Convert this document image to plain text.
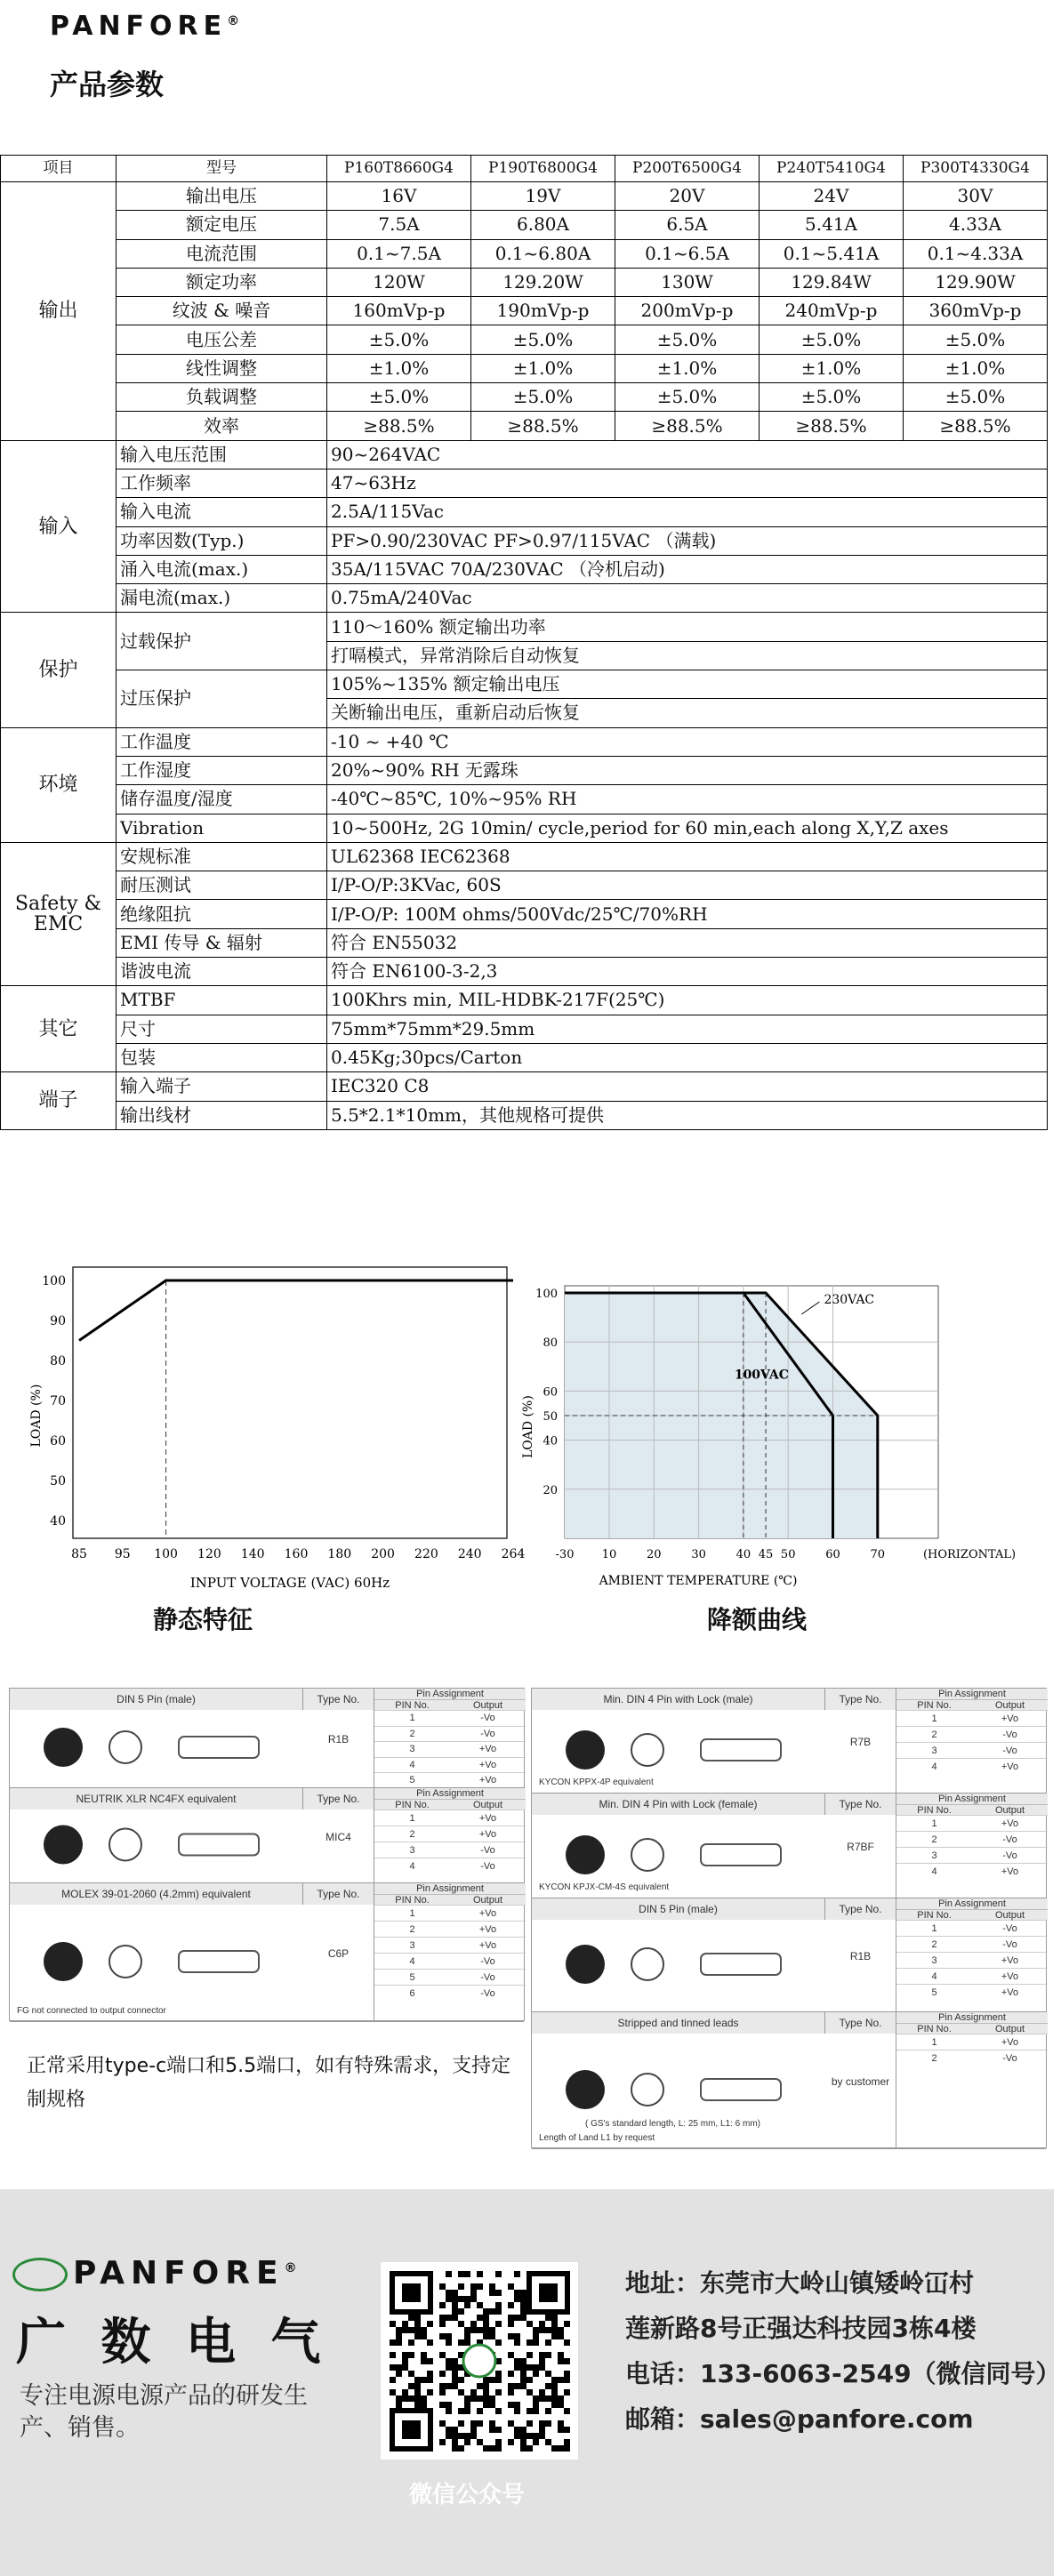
PANFORE®
产品参数
项目	型号	P160T8660G4	P190T6800G4	P200T6500G4	P240T5410G4	P300T4330G4
输出	输出电压	16V	19V	20V	24V	30V
	额定电压	7.5A	6.80A	6.5A	5.41A	4.33A
	电流范围	0.1~7.5A	0.1~6.80A	0.1~6.5A	0.1~5.41A	0.1~4.33A
	额定功率	120W	129.20W	130W	129.84W	129.90W
	纹波 & 噪音	160mVp-p	190mVp-p	200mVp-p	240mVp-p	360mVp-p
	电压公差	±5.0%	±5.0%	±5.0%	±5.0%	±5.0%
	线性调整	±1.0%	±1.0%	±1.0%	±1.0%	±1.0%
	负载调整	±5.0%	±5.0%	±5.0%	±5.0%	±5.0%
	效率	≥88.5%	≥88.5%	≥88.5%	≥88.5%	≥88.5%
输入	输入电压范围	90~264VAC				
	工作频率	47~63Hz				
	输入电流	2.5A/115Vac				
	功率因数(Typ.)	PF>0.90/230VAC PF>0.97/115VAC （满载)				
	涌入电流(max.)	35A/115VAC 70A/230VAC （冷机启动)				
	漏电流(max.)	0.75mA/240Vac				
保护	过载保护	110～160% 额定输出功率				
		打嗝模式，异常消除后自动恢复				
	过压保护	105%~135% 额定输出电压				
		关断输出电压，重新启动后恢复				
环境	工作温度	-10 ~ +40 ℃				
	工作湿度	20%~90% RH 无露珠				
	储存温度/湿度	-40℃~85℃, 10%~95% RH				
	Vibration	10~500Hz, 2G 10min/ cycle,period for 60 min,each along X,Y,Z axes				
Safety & EMC	安规标准	UL62368 IEC62368				
	耐压测试	I/P-O/P:3KVac, 60S				
	绝缘阻抗	I/P-O/P: 100M ohms/500Vdc/25℃/70%RH				
	EMI 传导 & 辐射	符合 EN55032				
	谐波电流	符合 EN6100-3-2,3				
其它	MTBF	100Khrs min, MIL-HDBK-217F(25℃)				
	尺寸	75mm*75mm*29.5mm				
	包装	0.45Kg;30pcs/Carton				
端子	输入端子	IEC320 C8				
	输出线材	5.5*2.1*10mm，其他规格可提供				
85 95 100 120 140 160 180 200 220 240 264
40
50
60
70
80
90
100
INPUT VOLTAGE (VAC) 60Hz
LOAD (%)
静态特征
230VAC
100VAC
-30 10	20	30	40 45 50	60	70	(HORIZONTAL)
20
40
50
60
80
100
AMBIENT TEMPERATURE (℃)
LOAD (%)
降额曲线
DIN 5 Pin (male)	Type No.
R1B
Pin Assignment
PIN No.	Output
1	-Vo
2	-Vo
3	+Vo
4	+Vo
5	+Vo
NEUTRIK XLR NC4FX equivalent	Type No.
MIC4
Pin Assignment
PIN No.	Output
1	+Vo
2	+Vo
3	-Vo
4	-Vo
MOLEX 39-01-2060 (4.2mm) equivalent
FG not connected to output connector
Type No.
C6P
Pin Assignment
PIN No.	Output
1	+Vo
2	+Vo
3	+Vo
4	-Vo
5	-Vo
6	-Vo
Min. DIN 4 Pin with Lock (male)
KYCON KPPX-4P equivalent
Type No.
R7B
Pin Assignment
PIN No.	Output
1	+Vo
2	-Vo
3	-Vo
4	+Vo
Min. DIN 4 Pin with Lock (female)
KYCON KPJX-CM-4S equivalent
Type No.
R7BF
Pin Assignment
PIN No.	Output
1	+Vo
2	-Vo
3	-Vo
4	+Vo
DIN 5 Pin (male)	Type No.
R1B
Pin Assignment
PIN No.	Output
1	-Vo
2	-Vo
3	+Vo
4	+Vo
5	+Vo
Stripped and tinned leads
Length of Land L1 by request
( GS's standard length, L: 25 mm, L1: 6 mm)
Type No.
by customer
Pin Assignment
PIN No.	Output
1	+Vo
2	-Vo
正常采用type-c端口和5.5端口，如有特殊需求，支持定制规格
PANFORE®
广 数 电 气
专注电源电源产品的研发生产、销售。
微信公众号
地址：东莞市大岭山镇矮岭冚村
莲新路8号正强达科技园3栋4楼
电话：133-6063-2549（微信同号）
邮箱：sales@panfore.com
